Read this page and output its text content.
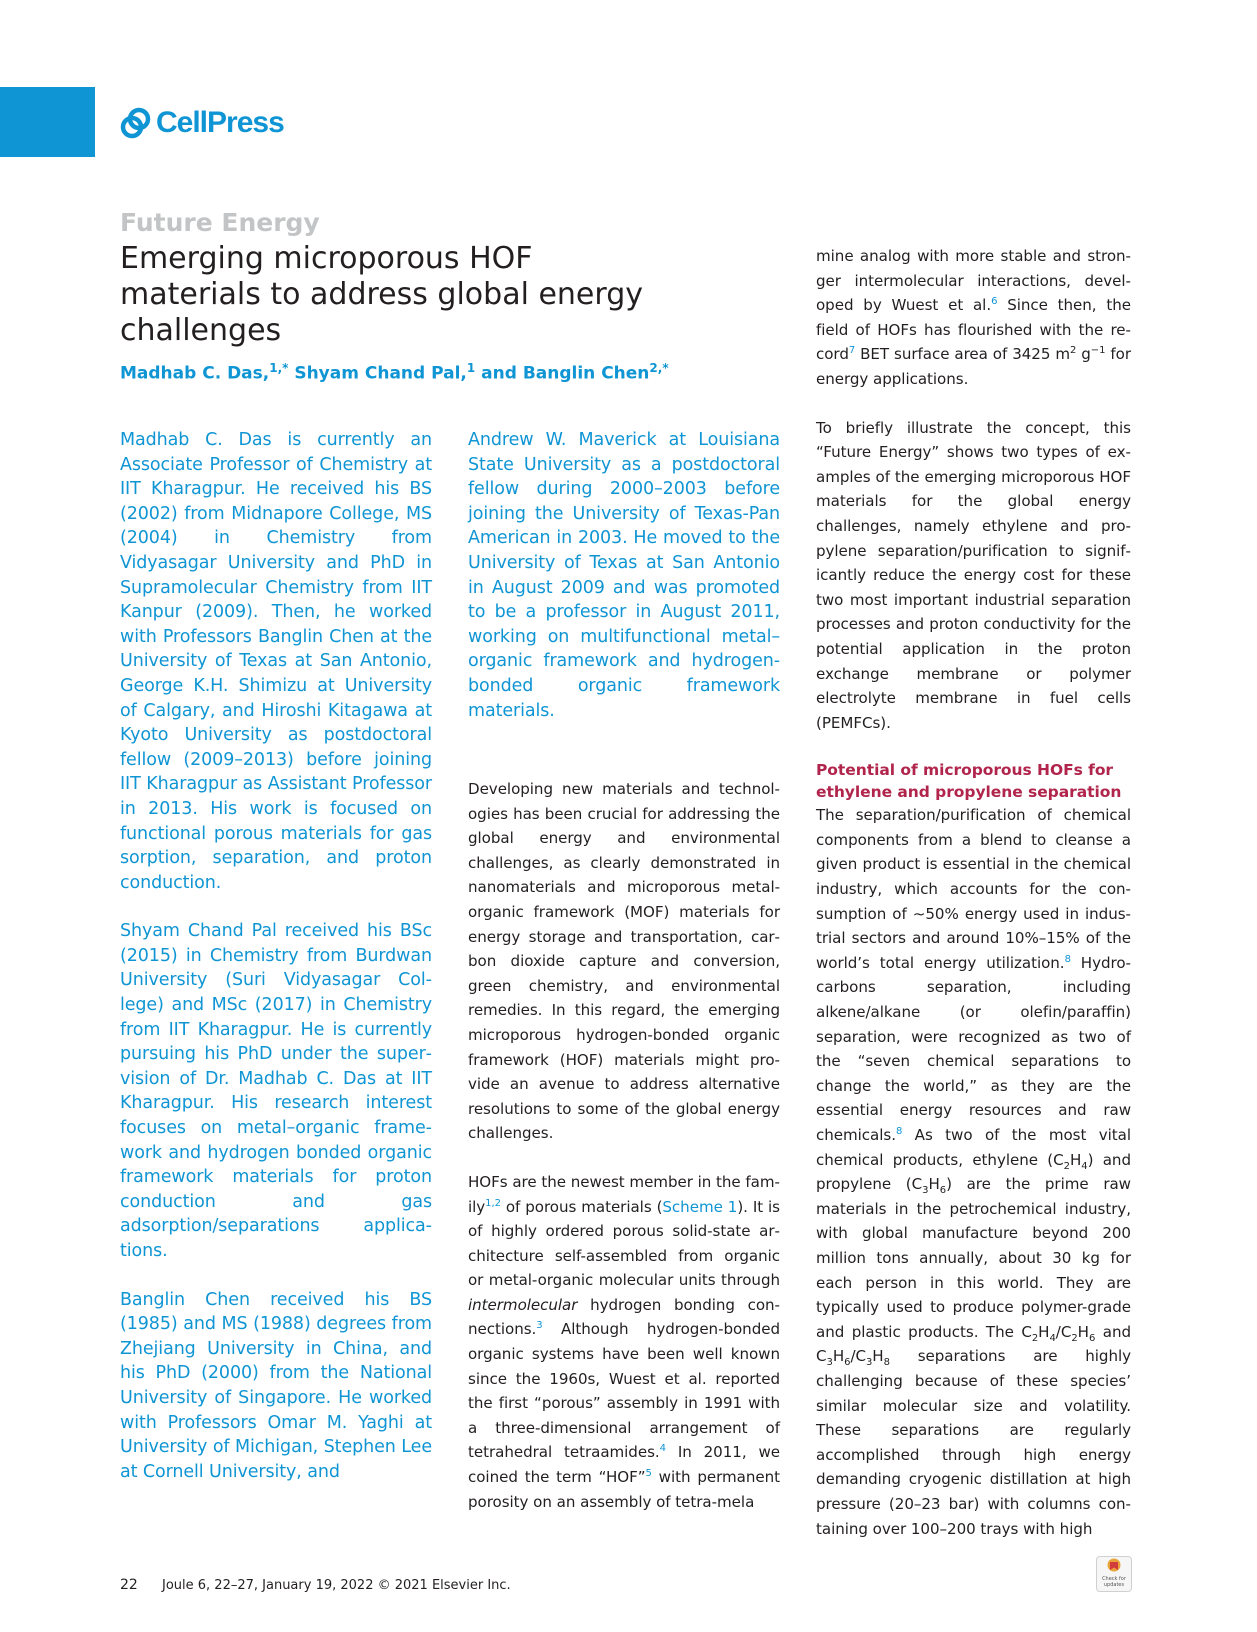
CellPress
Future Energy
Emerging microporous HOF materials to address global energy challenges
Madhab C. Das,$^{1,*}$ Shyam Chand Pal,$^1$ and Banglin Chen$^{2,*}$

Madhab C. Das is currently an Associate Professor of Chemistry at IIT Kharagpur. He received his BS (2002) from Midnapore College, MS (2004) in Chemistry from Vidyasagar University and PhD in Supramolecular Chemistry from IIT Kanpur (2009). Then, he worked with Professors Banglin Chen at the University of Texas at San Antonio, George K.H. Shimizu at University of Calgary, and Hiroshi Kitagawa at Kyoto University as postdoctoral fellow (2009–2013) before joining IIT Kharagpur as Assistant Professor in 2013. His work is focused on functional porous materials for gas sorption, separation, and proton conduction.

Shyam Chand Pal received his BSc (2015) in Chemistry from Burdwan University (Suri Vidyasagar College) and MSc (2017) in Chemistry from IIT Kharagpur. He is currently pursuing his PhD under the supervision of Dr. Madhab C. Das at IIT Kharagpur. His research interest focuses on metal–organic framework and hydrogen bonded organic framework materials for proton conduction and gas adsorption/separations applications.

Banglin Chen received his BS (1985) and MS (1988) degrees from Zhejiang University in China, and his PhD (2000) from the National University of Singapore. He worked with Professors Omar M. Yaghi at University of Michigan, Stephen Lee at Cornell University, and

Andrew W. Maverick at Louisiana State University as a postdoctoral fellow during 2000–2003 before joining the University of Texas-Pan American in 2003. He moved to the University of Texas at San Antonio in August 2009 and was promoted to be a professor in August 2011, working on multifunctional metal–organic framework and hydrogen-bonded organic framework materials.

Developing new materials and technologies has been crucial for addressing the global energy and environmental challenges, as clearly demonstrated in nanomaterials and microporous metal-organic framework (MOF) materials for energy storage and transportation, carbon dioxide capture and conversion, green chemistry, and environmental remedies. In this regard, the emerging microporous hydrogen-bonded organic framework (HOF) materials might provide an avenue to address alternative resolutions to some of the global energy challenges.

HOFs are the newest member in the family$^{1,2}$ of porous materials (Scheme 1). It is of highly ordered porous solid-state architecture self-assembled from organic or metal-organic molecular units through intermolecular hydrogen bonding connections.$^3$ Although hydrogen-bonded organic systems have been well known since the 1960s, Wuest et al. reported the first “porous” assembly in 1991 with a three-dimensional arrangement of tetrahedral tetraamides.$^4$ In 2011, we coined the term “HOF”$^5$ with permanent porosity on an assembly of tetra-mela

mine analog with more stable and stronger intermolecular interactions, developed by Wuest et al.$^6$ Since then, the field of HOFs has flourished with the record$^7$ BET surface area of 3425 $m^2$ $g^{-1}$ for energy applications.

To briefly illustrate the concept, this “Future Energy” shows two types of examples of the emerging microporous HOF materials for the global energy challenges, namely ethylene and propylene separation/purification to significantly reduce the energy cost for these two most important industrial separation processes and proton conductivity for the potential application in the proton exchange membrane or polymer electrolyte membrane in fuel cells (PEMFCs).

Potential of microporous HOFs for ethylene and propylene separation

The separation/purification of chemical components from a blend to cleanse a given product is essential in the chemical industry, which accounts for the consumption of ∼50% energy used in industrial sectors and around 10%–15% of the world’s total energy utilization.$^8$ Hydrocarbons separation, including alkene/alkane (or olefin/paraffin) separation, were recognized as two of the “seven chemical separations to change the world,” as they are the essential energy resources and raw chemicals.$^8$ As two of the most vital chemical products, ethylene $(C_2H_4)$ and propylene $(C_3H_6)$ are the prime raw materials in the petrochemical industry, with global manufacture beyond 200 million tons annually, about 30 kg for each person in this world. They are typically used to produce polymer-grade and plastic products. The $C_2H_4/C_2H_6$ and $C_3H_6/C_3H_8$ separations are highly challenging because of these species’ similar molecular size and volatility. These separations are regularly accomplished through high energy demanding cryogenic distillation at high pressure (20–23 bar) with columns containing over 100–200 trays with high

22 Joule 6, 22–27, January 19, 2022 © 2021 Elsevier Inc.	Check for updates
